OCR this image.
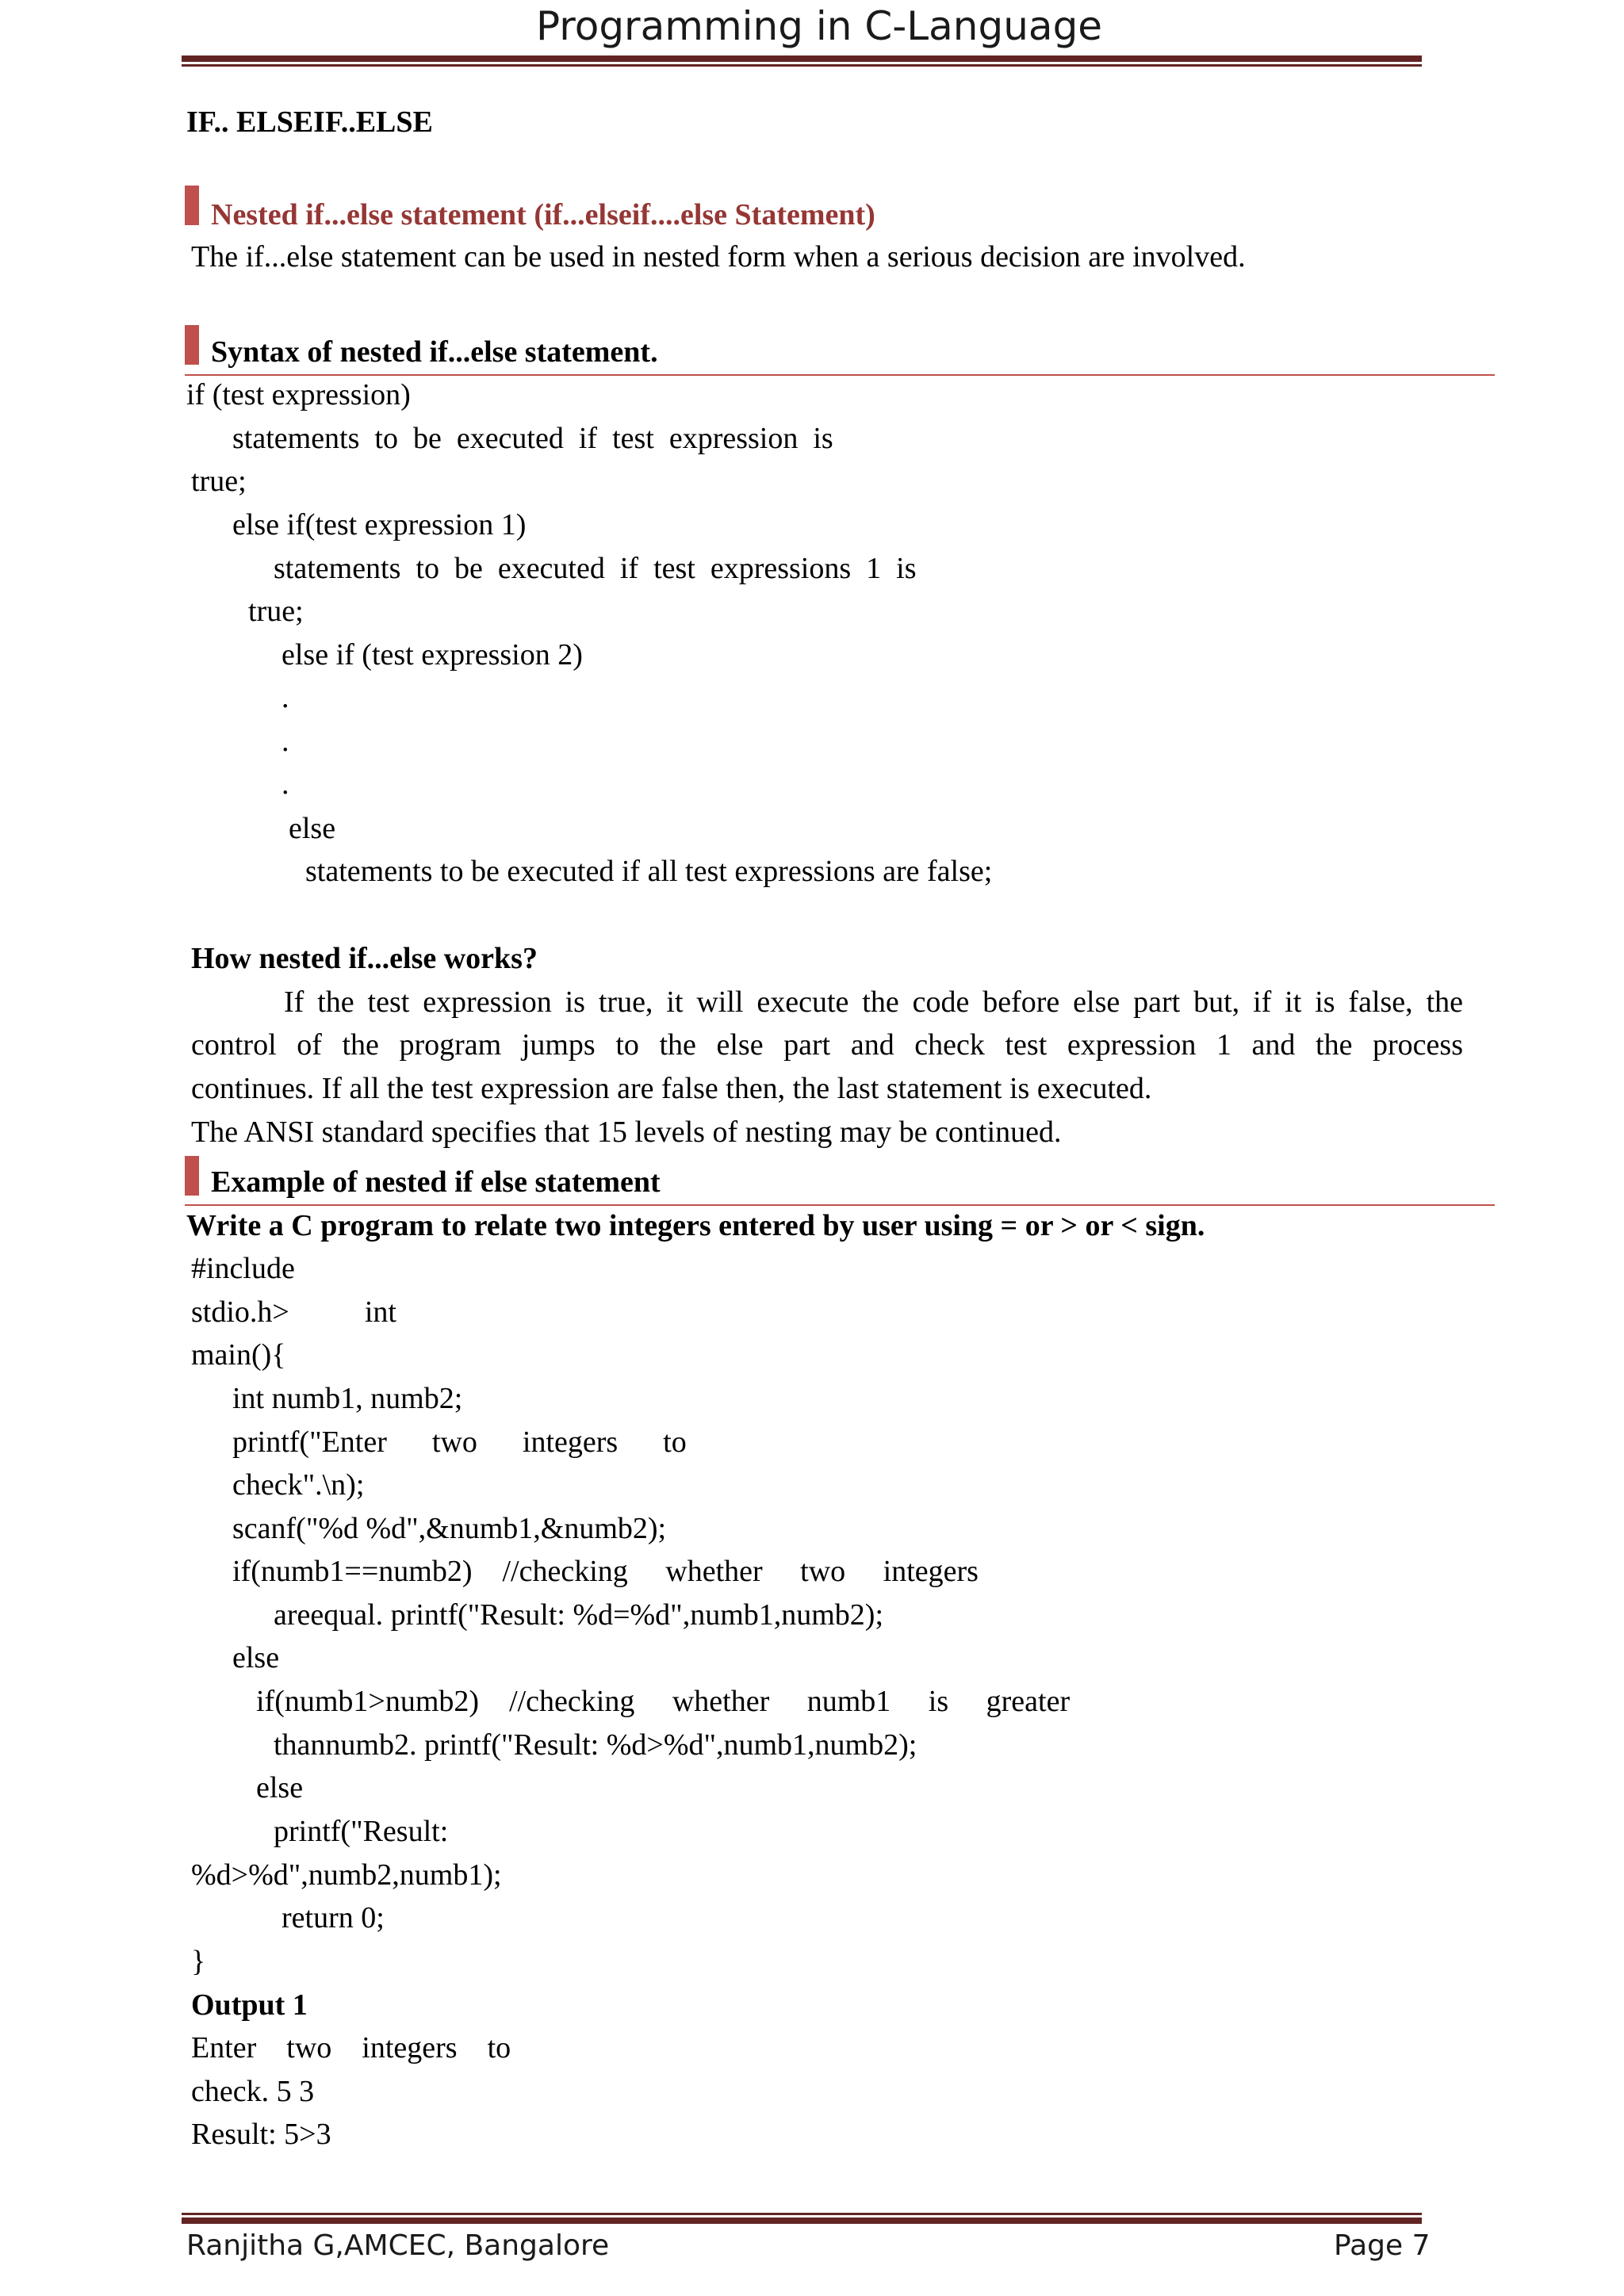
Programming in C-Language
IF.. ELSEIF..ELSE
Nested if...else statement (if...elseif....else Statement)
The if...else statement can be used in nested form when a serious decision are involved.
Syntax of nested if...else statement.
if (test expression)
statements  to  be  executed  if  test  expression  is
true;
else if(test expression 1)
statements  to  be  executed  if  test  expressions  1  is
true;
else if (test expression 2)
.
.
.
else
statements to be executed if all test expressions are false;
How nested if...else works?
If the test expression is true, it will execute the code before else part but, if it is false, the
control of the program jumps to the else part and check test expression 1 and the process
continues. If all the test expression are false then, the last statement is executed.
The ANSI standard specifies that 15 levels of nesting may be continued.
Example of nested if else statement
Write a C program to relate two integers entered by user using = or > or < sign.
#include
stdio.h>          int
main(){
int numb1, numb2;
printf("Enter      two      integers      to
check".\n);
scanf("%d %d",&numb1,&numb2);
if(numb1==numb2)    //checking     whether     two     integers
areequal. printf("Result: %d=%d",numb1,numb2);
else
if(numb1>numb2)    //checking     whether     numb1     is     greater
thannumb2. printf("Result: %d>%d",numb1,numb2);
else
printf("Result:
%d>%d",numb2,numb1);
return 0;
}
Output 1
Enter    two    integers    to
check. 5 3
Result: 5>3
Ranjitha G,AMCEC, Bangalore	Page 7
